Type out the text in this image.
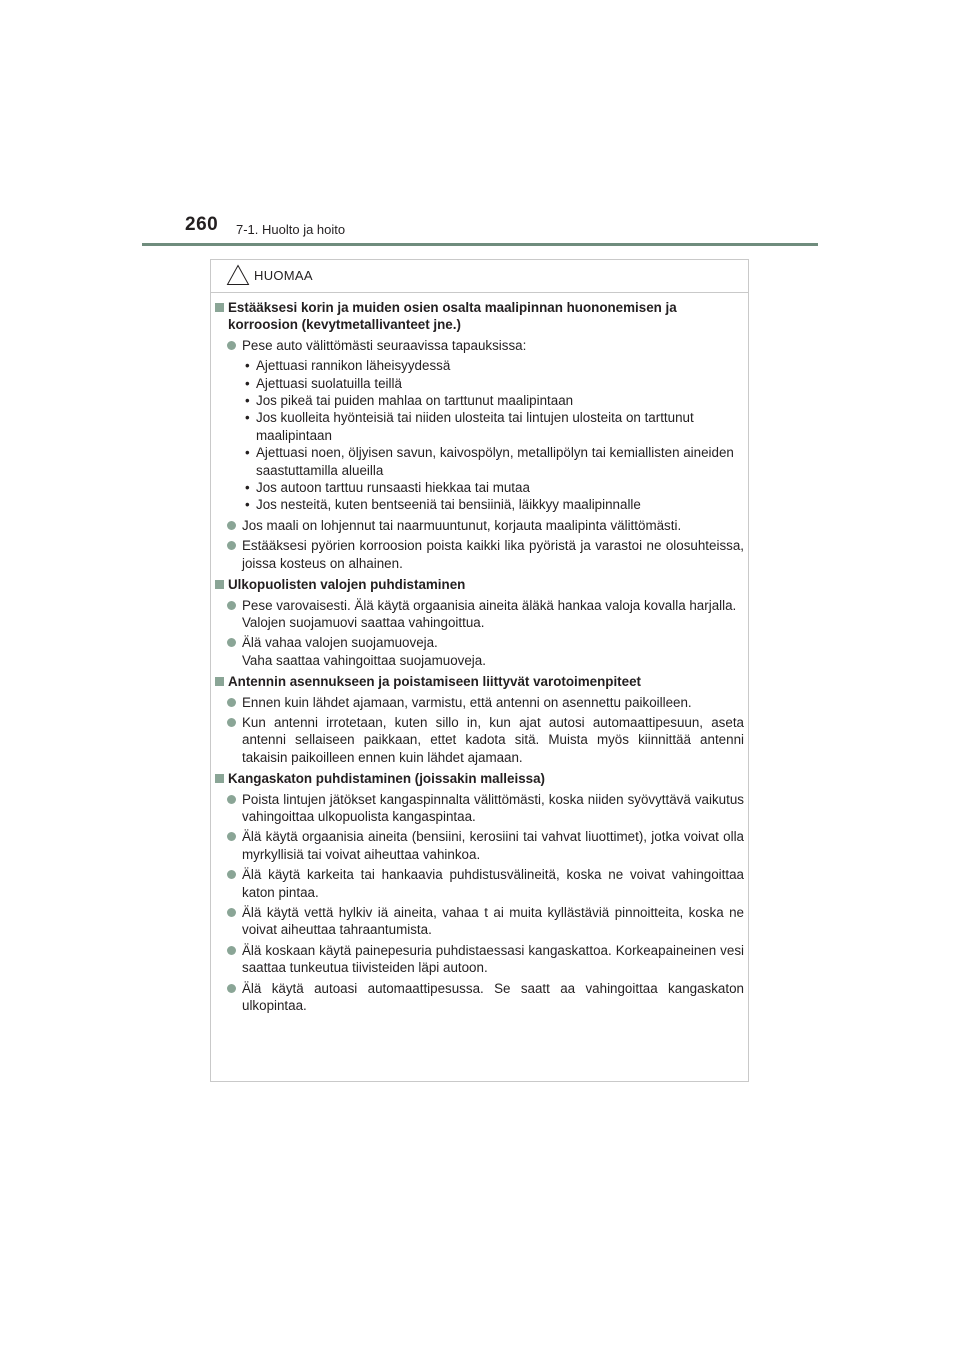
260 7-1. Huolto ja hoito
HUOMAA

Estääksesi korin ja muiden osien osalta maalipinnan huononemisen ja korroosion (kevytmetallivanteet jne.)

Pese auto välittömästi seuraavissa tapauksissa:

• Ajettuasi rannikon läheisyydessä

• Ajettuasi suolatuilla teillä

• Jos pikeä tai puiden mahlaa on tarttunut maalipintaan

• Jos kuolleita hyönteisiä tai niiden ulosteita tai lintujen ulosteita on tarttunut maalipintaan

• Ajettuasi noen, öljyisen savun, kaivospölyn, metallipölyn tai kemiallisten aineiden saastuttamilla alueilla

• Jos autoon tarttuu runsaasti hiekkaa tai mutaa

• Jos nesteitä, kuten bentseeniä tai bensiiniä, läikkyy maalipinnalle

Jos maali on lohjennut tai naarmuuntunut, korjauta maalipinta välittömästi.

Estääksesi pyörien korroosion poista kaikki lika pyöristä ja varastoi ne olosuhteissa, joissa kosteus on alhainen.

Ulkopuolisten valojen puhdistaminen

Pese varovaisesti. Älä käytä orgaanisia aineita äläkä hankaa valoja kovalla harjalla.

Valojen suojamuovi saattaa vahingoittua.

Älä vahaa valojen suojamuoveja.

Vaha saattaa vahingoittaa suojamuoveja.

Antennin asennukseen ja poistamiseen liittyvät varotoimenpiteet

Ennen kuin lähdet ajamaan, varmistu, että antenni on asennettu paikoilleen.

Kun antenni irrotetaan, kuten sillo in, kun ajat autosi automaattipesuun, aseta antenni sellaiseen paikkaan, ettet kadota sitä. Muista myös kiinnittää antenni takaisin paikoilleen ennen kuin lähdet ajamaan.

Kangaskaton puhdistaminen (joissakin malleissa)

Poista lintujen jätökset kangaspinnalta välittömästi, koska niiden syövyttävä vaikutus vahingoittaa ulkopuolista kangaspintaa.

Älä käytä orgaanisia aineita (bensiini, kerosiini tai vahvat liuottimet), jotka voivat olla myrkyllisiä tai voivat aiheuttaa vahinkoa.

Älä käytä karkeita tai hankaavia puhdistusvälineitä, koska ne voivat vahingoittaa katon pintaa.

Älä käytä vettä hylkiv iä aineita, vahaa t ai muita kyllästäviä pinnoitteita, koska ne voivat aiheuttaa tahraantumista.

Älä koskaan käytä painepesuria puhdistaessasi kangaskattoa. Korkeapaineinen vesi saattaa tunkeutua tiivisteiden läpi autoon.

Älä käytä autoasi automaattipesussa. Se saatt aa vahingoittaa kangaskaton ulkopintaa.
